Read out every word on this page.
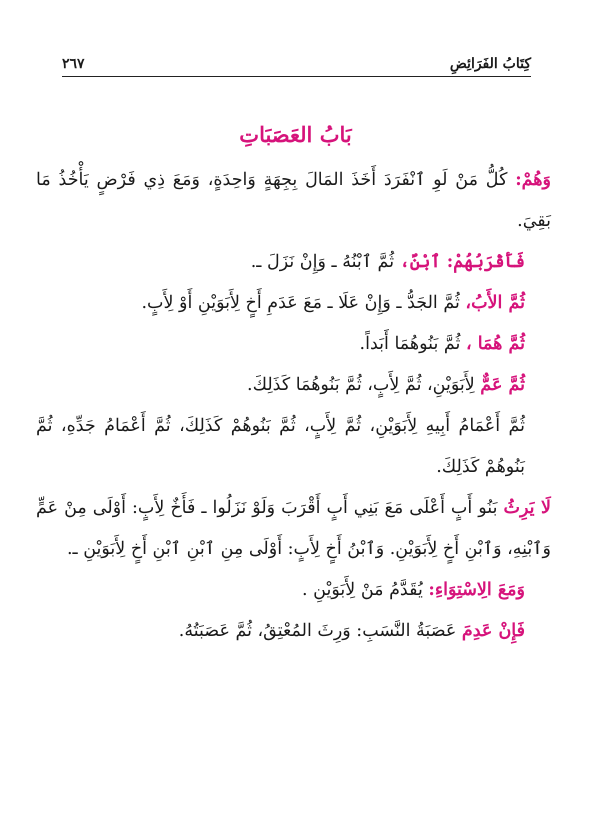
كِتَابُ الفَرَائِضِ
٢٦٧
بَابُ العَصَبَاتِ

وَهُمْ: كُلُّ مَنْ لَوِ ٱنْفَرَدَ أَخَذَ المَالَ بِجِهَةٍ وَاحِدَةٍ، وَمَعَ ذِي فَرْضٍ يَأْخُذُ مَا بَقِيَ.

فَأَقْرَبُهُمْ: ٱبْنٌ، ثُمَّ ٱبْنُهُ ـ وَإِنْ نَزَلَ ـ.

ثُمَّ الأَبُ، ثُمَّ الجَدُّ ـ وَإِنْ عَلَا ـ مَعَ عَدَمِ أَخٍ لِأَبَوَيْنِ أَوْ لِأَبٍ.

ثُمَّ هُمَا ، ثُمَّ بَنُوهُمَا أَبَداً.

ثُمَّ عَمٌّ لِأَبَوَيْنِ، ثُمَّ لِأَبٍ، ثُمَّ بَنُوهُمَا كَذَلِكَ.

ثُمَّ أَعْمَامُ أَبِيهِ لِأَبَوَيْنِ، ثُمَّ لِأَبٍ، ثُمَّ بَنُوهُمْ كَذَلِكَ، ثُمَّ أَعْمَامُ جَدِّهِ، ثُمَّ بَنُوهُمْ كَذَلِكَ.

لَا يَرِثُ بَنُو أَبٍ أَعْلَى مَعَ بَنِي أَبٍ أَقْرَبَ وَلَوْ نَزَلُوا ـ فَأَخٌ لِأَبٍ: أَوْلَى مِنْ عَمٍّ وَٱبْنِهِ، وَٱبْنِ أَخٍ لِأَبَوَيْنِ. وَٱبْنُ أَخٍ لِأَبٍ: أَوْلَى مِنِ ٱبْنِ ٱبْنِ أَخٍ لِأَبَوَيْنِ ـ.

وَمَعَ الِاسْتِوَاءِ: يُقَدَّمُ مَنْ لِأَبَوَيْنِ .

فَإِنْ عَدِمَ عَصَبَةُ النَّسَبِ: وَرِثَ المُعْتِقُ، ثُمَّ عَصَبَتُهُ.
